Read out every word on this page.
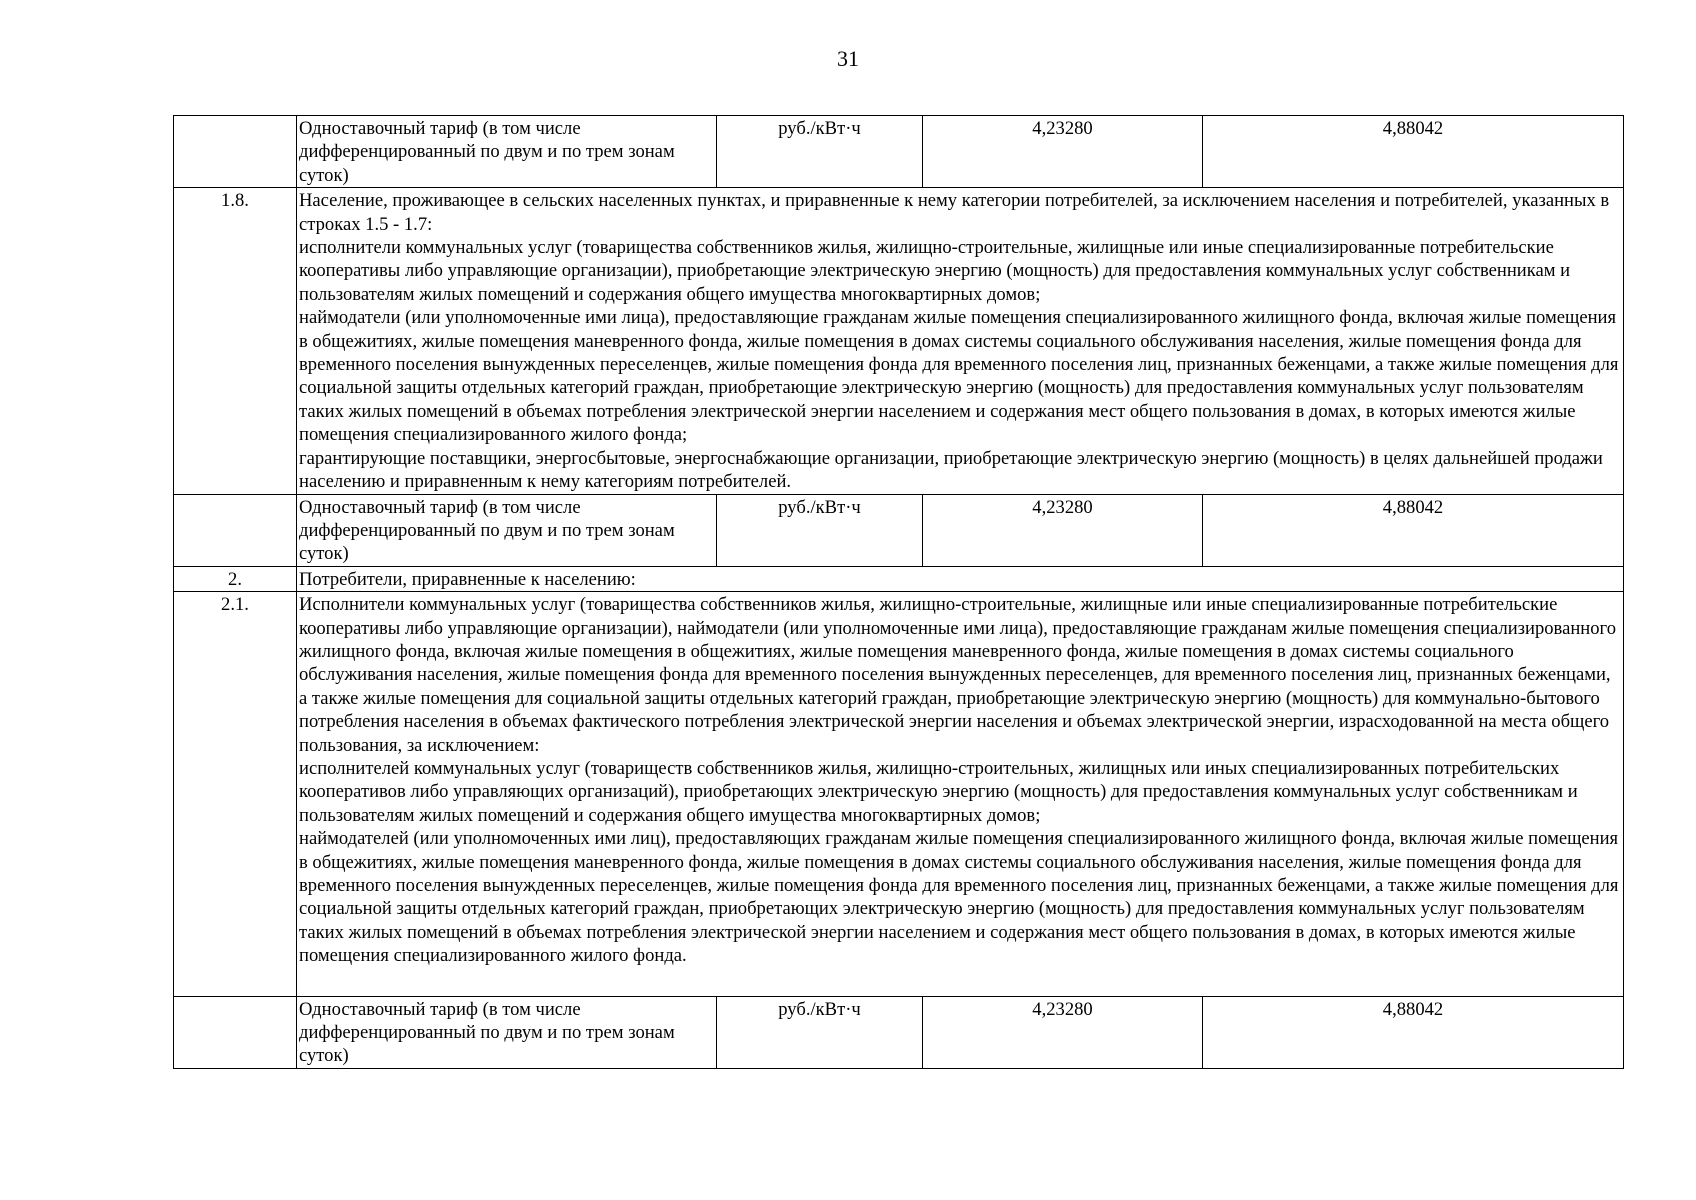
31
	Одноставочный тариф (в том числе дифференцированный по двум и по трем зонам суток)	руб./кВт·ч	4,23280	4,88042
1.8.	Население, проживающее в сельских населенных пунктах, и приравненные к нему категории потребителей, за исключением населения и потребителей, указанных в строках 1.5 - 1.7:
исполнители коммунальных услуг (товарищества собственников жилья, жилищно-строительные, жилищные или иные специализированные потребительские кооперативы либо управляющие организации), приобретающие электрическую энергию (мощность) для предоставления коммунальных услуг собственникам и пользователям жилых помещений и содержания общего имущества многоквартирных домов;
наймодатели (или уполномоченные ими лица), предоставляющие гражданам жилые помещения специализированного жилищного фонда, включая жилые помещения в общежитиях, жилые помещения маневренного фонда, жилые помещения в домах системы социального обслуживания населения, жилые помещения фонда для временного поселения вынужденных переселенцев, жилые помещения фонда для временного поселения лиц, признанных беженцами, а также жилые помещения для социальной защиты отдельных категорий граждан, приобретающие электрическую энергию (мощность) для предоставления коммунальных услуг пользователям таких жилых помещений в объемах потребления электрической энергии населением и содержания мест общего пользования в домах, в которых имеются жилые помещения специализированного жилого фонда;
гарантирующие поставщики, энергосбытовые, энергоснабжающие организации, приобретающие электрическую энергию (мощность) в целях дальнейшей продажи населению и приравненным к нему категориям потребителей.			

	Одноставочный тариф (в том числе дифференцированный по двум и по трем зонам суток)	руб./кВт·ч	4,23280	4,88042
2.	Потребители, приравненные к населению:			
2.1.	Исполнители коммунальных услуг (товарищества собственников жилья, жилищно-строительные, жилищные или иные специализированные потребительские кооперативы либо управляющие организации), наймодатели (или уполномоченные ими лица), предоставляющие гражданам жилые помещения специализированного жилищного фонда, включая жилые помещения в общежитиях, жилые помещения маневренного фонда, жилые помещения в домах системы социального обслуживания населения, жилые помещения фонда для временного поселения вынужденных переселенцев, для временного поселения лиц, признанных беженцами, а также жилые помещения для социальной защиты отдельных категорий граждан, приобретающие электрическую энергию (мощность) для коммунально-бытового потребления населения в объемах фактического потребления электрической энергии населения и объемах электрической энергии, израсходованной на места общего пользования, за исключением:
исполнителей коммунальных услуг (товариществ собственников жилья, жилищно-строительных, жилищных или иных специализированных потребительских кооперативов либо управляющих организаций), приобретающих электрическую энергию (мощность) для предоставления коммунальных услуг собственникам и пользователям жилых помещений и содержания общего имущества многоквартирных домов;
наймодателей (или уполномоченных ими лиц), предоставляющих гражданам жилые помещения специализированного жилищного фонда, включая жилые помещения в общежитиях, жилые помещения маневренного фонда, жилые помещения в домах системы социального обслуживания населения, жилые помещения фонда для временного поселения вынужденных переселенцев, жилые помещения фонда для временного поселения лиц, признанных беженцами, а также жилые помещения для социальной защиты отдельных категорий граждан, приобретающих электрическую энергию (мощность) для предоставления коммунальных услуг пользователям таких жилых помещений в объемах потребления электрической энергии населением и содержания мест общего пользования в домах, в которых имеются жилые помещения специализированного жилого фонда.			

	Одноставочный тариф (в том числе дифференцированный по двум и по трем зонам суток)	руб./кВт·ч	4,23280	4,88042
